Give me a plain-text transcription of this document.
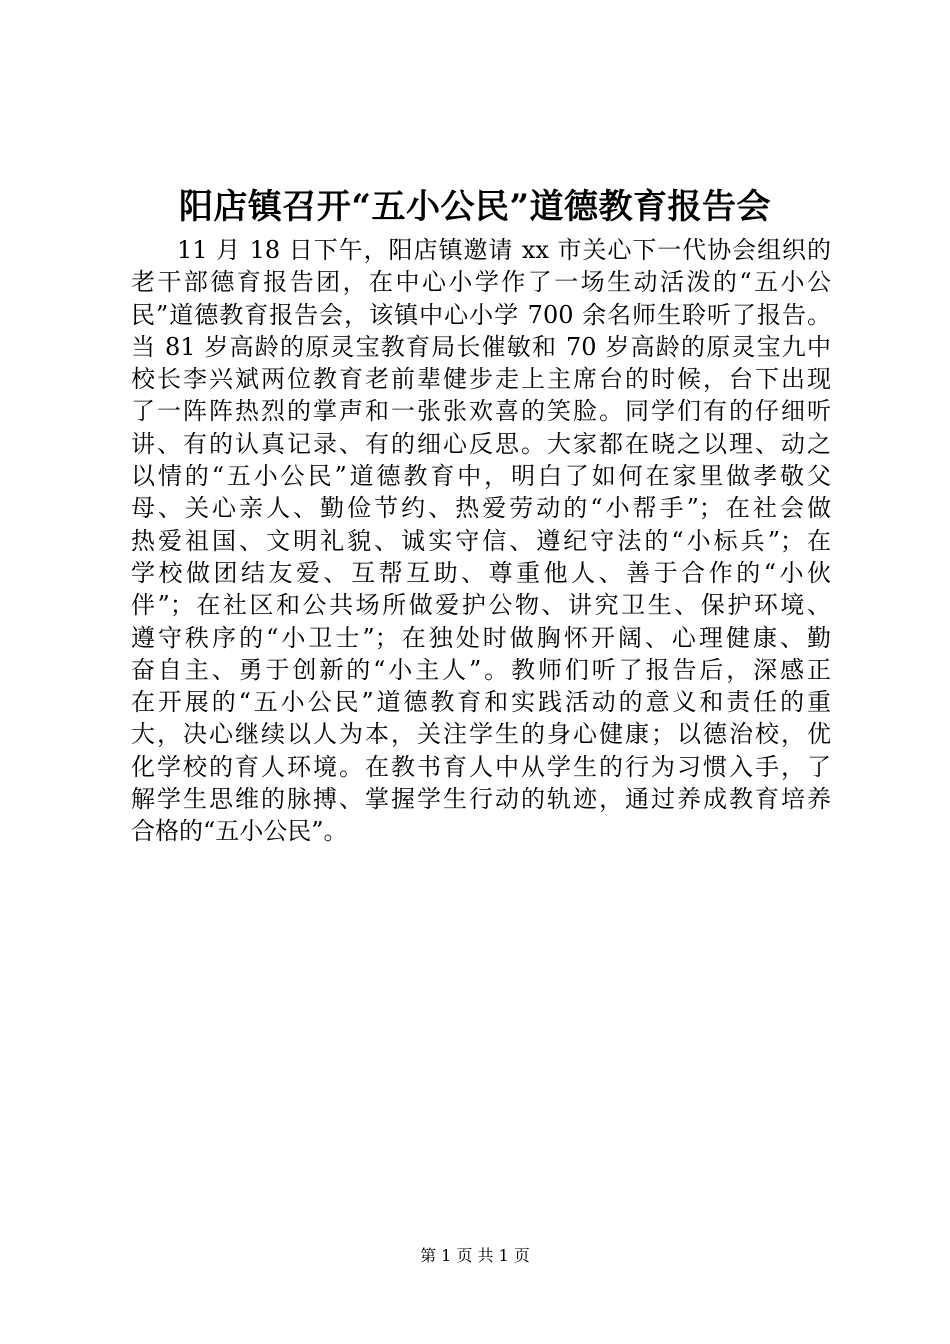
阳店镇召开“五小公民”道德教育报告会
11 月 18 日下午，阳店镇邀请 xx 市关心下一代协会组织的
老干部德育报告团，在中心小学作了一场生动活泼的“五小公
民”道德教育报告会，该镇中心小学 700 余名师生聆听了报告。
当 81 岁高龄的原灵宝教育局长催敏和 70 岁高龄的原灵宝九中
校长李兴斌两位教育老前辈健步走上主席台的时候，台下出现
了一阵阵热烈的掌声和一张张欢喜的笑脸。同学们有的仔细听
讲、有的认真记录、有的细心反思。大家都在晓之以理、动之
以情的“五小公民”道德教育中，明白了如何在家里做孝敬父
母、关心亲人、勤俭节约、热爱劳动的“小帮手”；在社会做
热爱祖国、文明礼貌、诚实守信、遵纪守法的“小标兵”；在
学校做团结友爱、互帮互助、尊重他人、善于合作的“小伙
伴”；在社区和公共场所做爱护公物、讲究卫生、保护环境、
遵守秩序的“小卫士”；在独处时做胸怀开阔、心理健康、勤
奋自主、勇于创新的“小主人”。教师们听了报告后，深感正
在开展的“五小公民”道德教育和实践活动的意义和责任的重
大，决心继续以人为本，关注学生的身心健康；以德治校，优
化学校的育人环境。在教书育人中从学生的行为习惯入手，了
解学生思维的脉搏、掌握学生行动的轨迹，通过养成教育培养
合格的“五小公民”。
第 1 页 共 1 页
